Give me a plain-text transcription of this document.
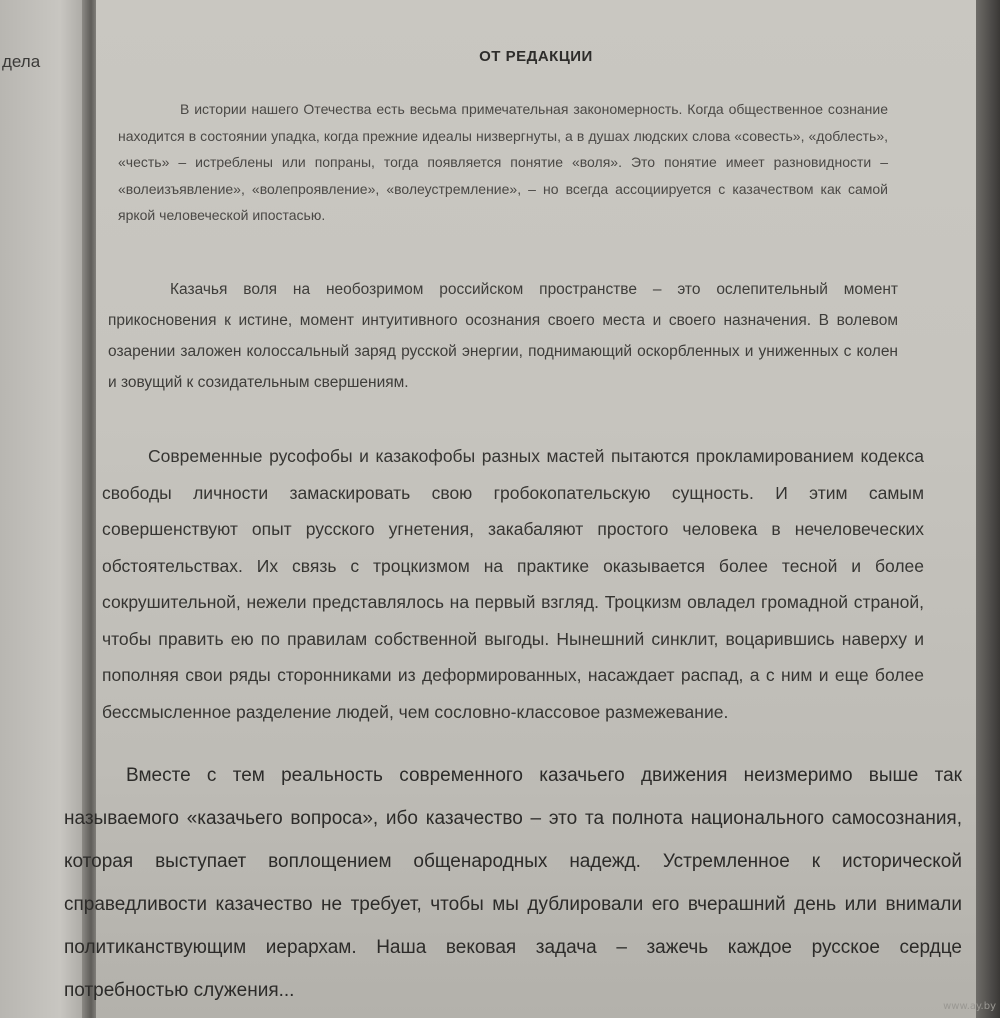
дела	ОТ РЕДАКЦИИ

В истории нашего Отечества есть весьма примечательная закономерность. Когда общественное сознание находится в состоянии упадка, когда прежние идеалы низвергнуты, а в душах людских слова «совесть», «доблесть», «честь» – истреблены или попраны, тогда появляется понятие «воля». Это понятие имеет разновидности – «волеизъявление», «волепроявление», «волеустремление», – но всегда ассоциируется с казачеством как самой яркой человеческой ипостасью.

Казачья воля на необозримом российском пространстве – это ослепительный момент прикосновения к истине, момент интуитивного осознания своего места и своего назначения. В волевом озарении заложен колоссальный заряд русской энергии, поднимающий оскорбленных и униженных с колен и зовущий к созидательным свершениям.

Современные русофобы и казакофобы разных мастей пытаются прокламированием кодекса свободы личности замаскировать свою гробокопательскую сущность. И этим самым совершенствуют опыт русского угнетения, закабаляют простого человека в нечеловеческих обстоятельствах. Их связь с троцкизмом на практике оказывается более тесной и более сокрушительной, нежели представлялось на первый взгляд. Троцкизм овладел громадной страной, чтобы править ею по правилам собственной выгоды. Нынешний синклит, воцарившись наверху и пополняя свои ряды сторонниками из деформированных, насаждает распад, а с ним и еще более бессмысленное разделение людей, чем сословно-классовое размежевание.

Вместе с тем реальность современного казачьего движения неизмеримо выше так называемого «казачьего вопроса», ибо казачество – это та полнота национального самосознания, которая выступает воплощением общенародных надежд. Устремленное к исторической справедливости казачество не требует, чтобы мы дублировали его вчерашний день или внимали политиканствующим иерархам. Наша вековая задача – зажечь каждое русское сердце потребностью служения...

www.ay.by
